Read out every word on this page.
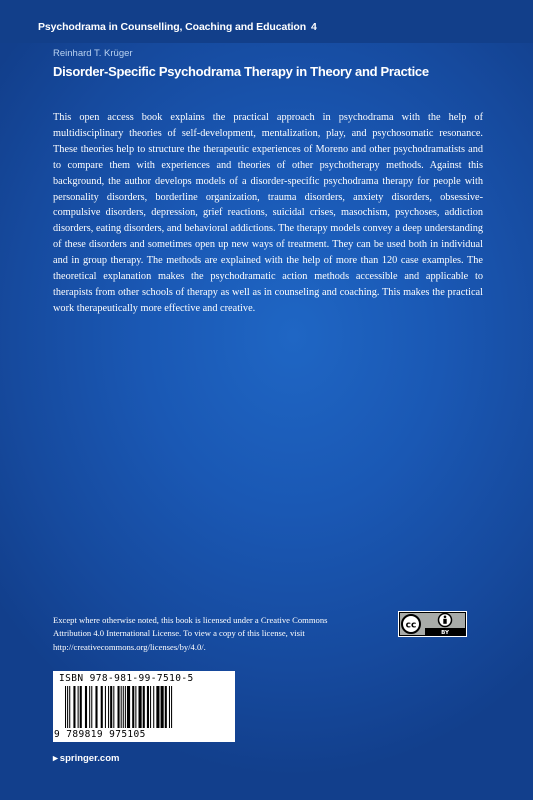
Psychodrama in Counselling, Coaching and Education 4
Reinhard T. Krüger
Disorder-Specific Psychodrama Therapy in Theory and Practice

This open access book explains the practical approach in psychodrama with the help of multidisciplinary theories of self-development, mentalization, play, and psychosomatic resonance. These theories help to structure the therapeutic experiences of Moreno and other psychodramatists and to compare them with experiences and theories of other psychotherapy methods. Against this background, the author develops models of a disorder-specific psychodrama therapy for people with personality disorders, borderline organization, trauma disorders, anxiety disorders, obsessive-compulsive disorders, depression, grief reactions, suicidal crises, masochism, psychoses, addiction disorders, eating disorders, and behavioral addictions. The therapy models convey a deep understanding of these disorders and sometimes open up new ways of treatment. They can be used both in individual and in group therapy. The methods are explained with the help of more than 120 case examples. The theoretical explanation makes the psychodramatic action methods accessible and applicable to therapists from other schools of therapy as well as in counseling and coaching. This makes the practical work therapeutically more effective and creative.

Except where otherwise noted, this book is licensed under a Creative Commons Attribution 4.0 International License. To view a copy of this license, visit http://creativecommons.org/licenses/by/4.0/.

cc
BY
ISBN 978-981-99-7510-5
9 789819 975105
▸ springer.com
